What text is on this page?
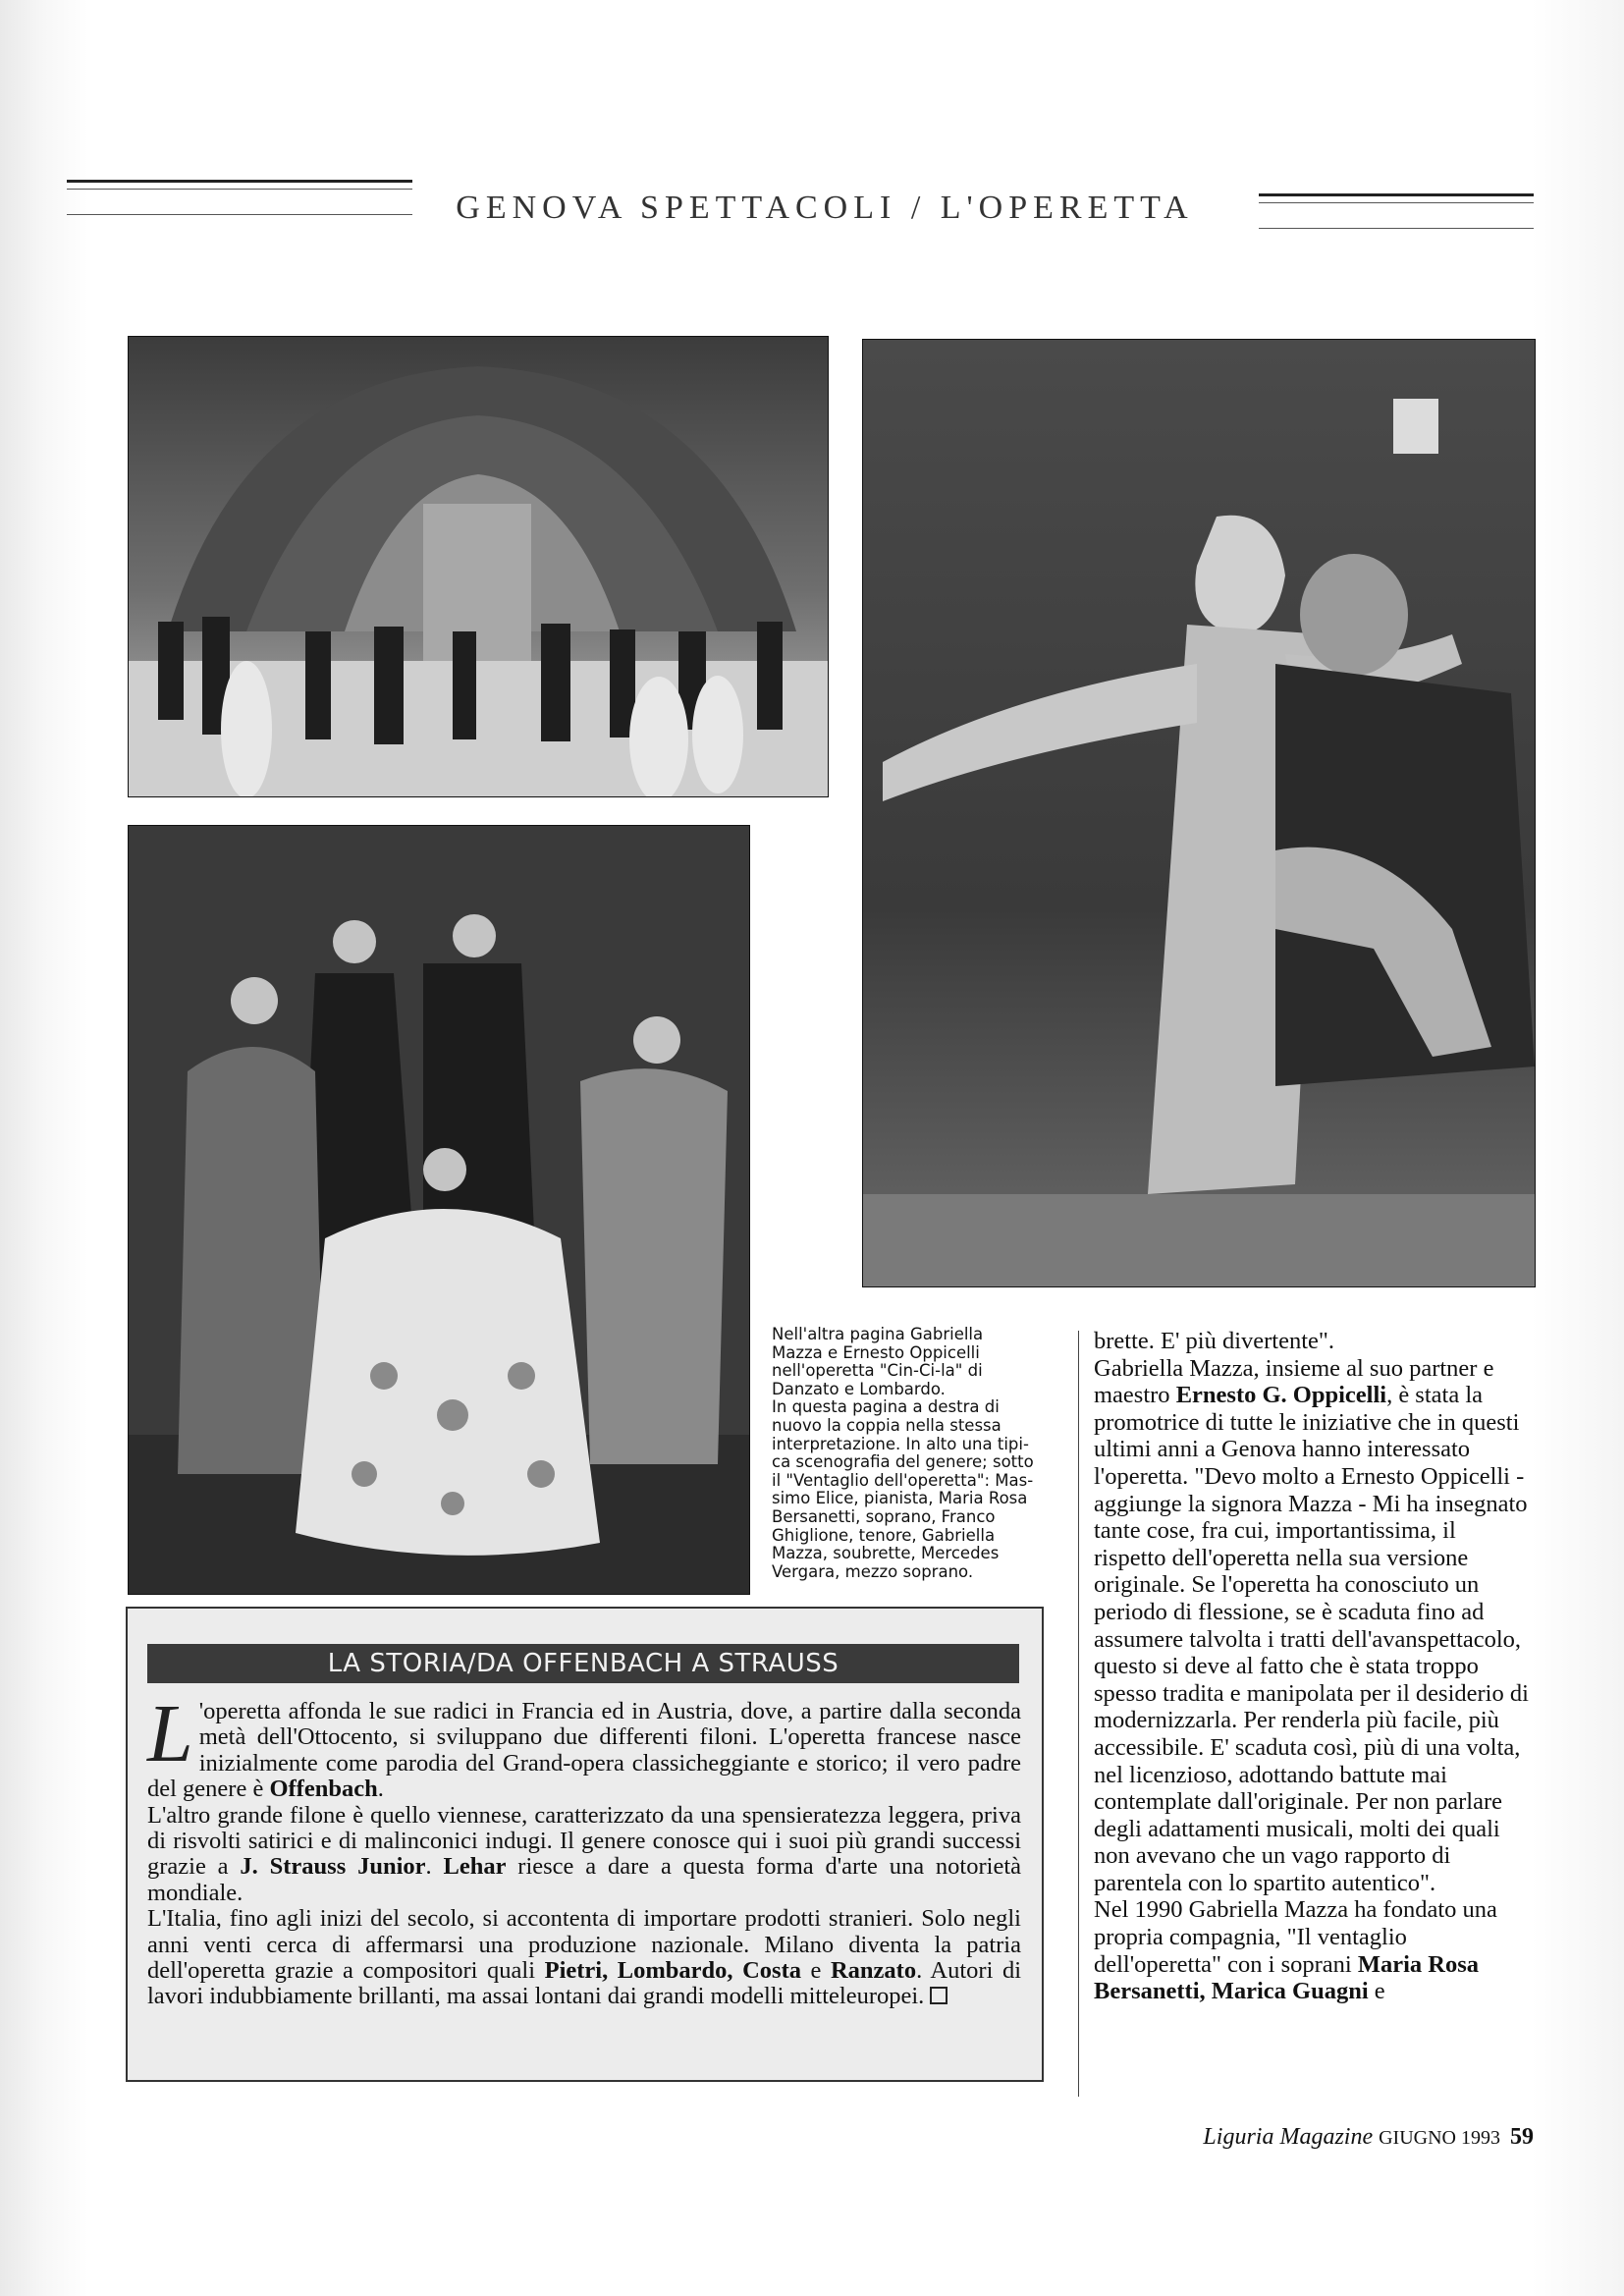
GENOVA SPETTACOLI / L'OPERETTA
Nell'altra pagina Gabriella
Mazza e Ernesto Oppicelli
nell'operetta "Cin-Ci-la" di
Danzato e Lombardo.
In questa pagina a destra di
nuovo la coppia nella stessa
interpretazione. In alto una tipi-
ca scenografia del genere; sotto
il "Ventaglio dell'operetta": Mas-
simo Elice, pianista, Maria Rosa
Bersanetti, soprano, Franco
Ghiglione, tenore, Gabriella
Mazza, soubrette, Mercedes
Vergara, mezzo soprano.

brette. E' più divertente".

Gabriella Mazza, insieme al suo partner e maestro Ernesto G. Oppicelli, è stata la promotrice di tutte le iniziative che in questi ultimi anni a Genova hanno interessato l'operetta. "Devo molto a Ernesto Oppicelli - aggiunge la signora Mazza - Mi ha insegnato tante cose, fra cui, importantissima, il rispetto dell'operetta nella sua versione originale. Se l'operetta ha conosciuto un periodo di flessione, se è scaduta fino ad assumere talvolta i tratti dell'avanspettacolo, questo si deve al fatto che è stata troppo spesso tradita e manipolata per il desiderio di modernizzarla. Per renderla più facile, più accessibile. E' scaduta così, più di una volta, nel licenzioso, adottando battute mai contemplate dall'originale. Per non parlare degli adattamenti musicali, molti dei quali non avevano che un vago rapporto di parentela con lo spartito autentico".

Nel 1990 Gabriella Mazza ha fondato una propria compagnia, "Il ventaglio dell'operetta" con i soprani Maria Rosa Bersanetti, Marica Guagni e

LA STORIA/DA OFFENBACH A STRAUSS

L 'operetta affonda le sue radici in Francia ed in Austria, dove, a partire dalla seconda metà dell'Ottocento, si sviluppano due differenti filoni. L'operetta francese nasce inizialmente come parodia del Grand-opera classicheggiante e storico; il vero padre del genere è Offenbach.

L'altro grande filone è quello viennese, caratterizzato da una spensieratezza leggera, priva di risvolti satirici e di malinconici indugi. Il genere conosce qui i suoi più grandi successi grazie a J. Strauss Junior. Lehar riesce a dare a questa forma d'arte una notorietà mondiale.

L'Italia, fino agli inizi del secolo, si accontenta di importare prodotti stranieri. Solo negli anni venti cerca di affermarsi una produzione nazionale. Milano diventa la patria dell'operetta grazie a compositori quali Pietri, Lombardo, Costa e Ranzato. Autori di lavori indubbiamente brillanti, ma assai lontani dai grandi modelli mitteleuropei.

Liguria Magazine GIUGNO 1993 59
